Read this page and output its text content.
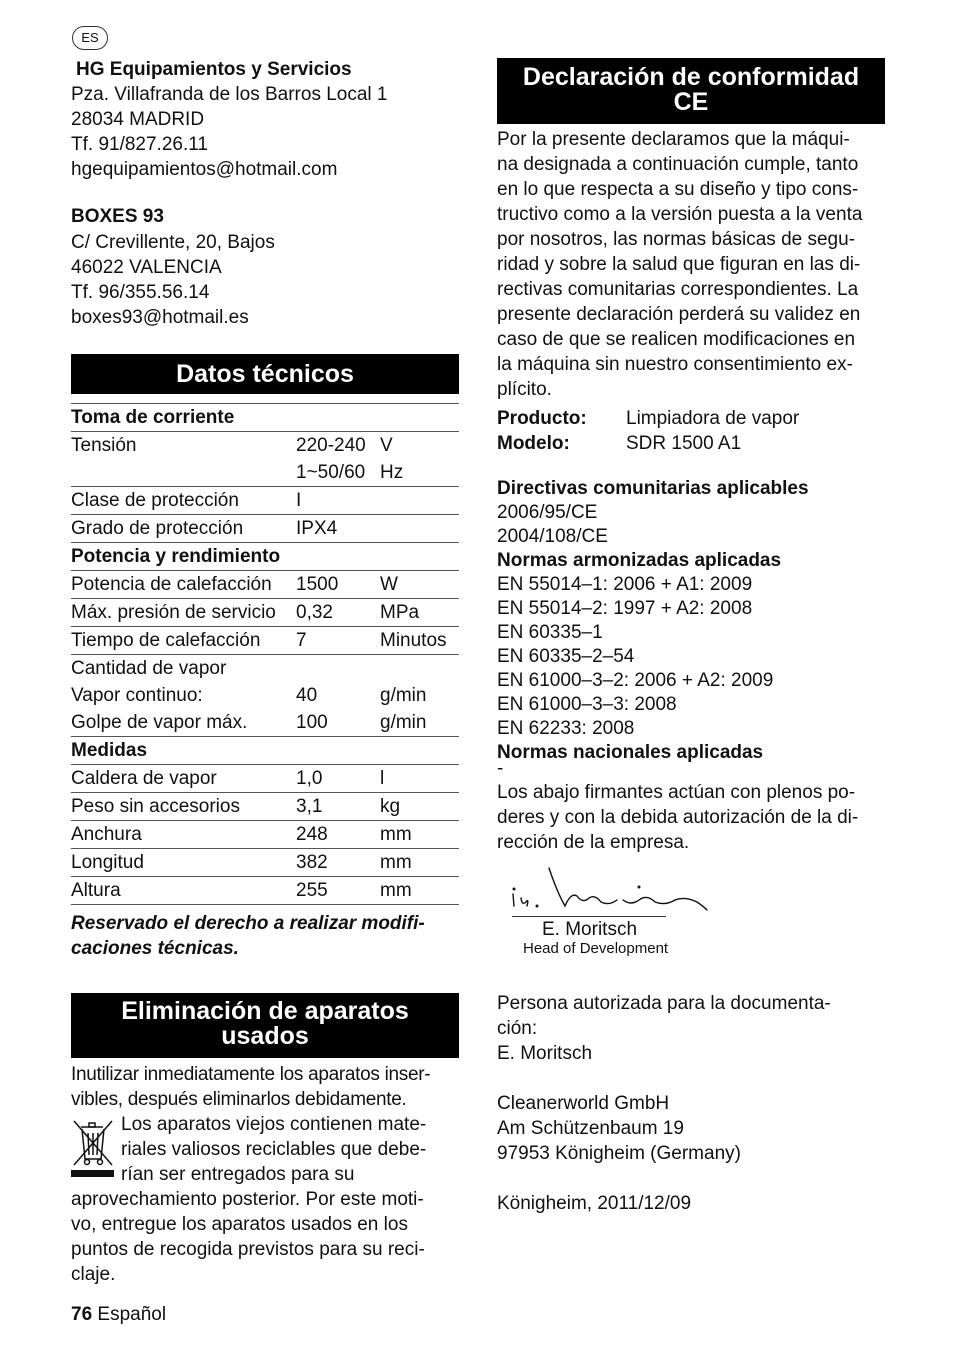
ES
HG Equipamientos y Servicios
Pza. Villafranda de los Barros Local 1
28034 MADRID
Tf. 91/827.26.11
hgequipamientos@hotmail.com
BOXES 93
C/ Crevillente, 20, Bajos
46022 VALENCIA
Tf. 96/355.56.14
boxes93@hotmail.es
Datos técnicos
Toma de corriente		
Tensión	220-240	V
	1~50/60	Hz
Clase de protección	I	
Grado de protección	IPX4	
Potencia y rendimiento		
Potencia de calefacción	1500	W
Máx. presión de servicio	0,32	MPa
Tiempo de calefacción	7	Minutos
Cantidad de vapor		
Vapor continuo:	40	g/min
Golpe de vapor máx.	100	g/min
Medidas		
Caldera de vapor	1,0	l
Peso sin accesorios	3,1	kg
Anchura	248	mm
Longitud	382	mm
Altura	255	mm
Reservado el derecho a realizar modifi-
caciones técnicas.
Eliminación de aparatos
usados
Inutilizar inmediatamente los aparatos inser-
vibles, después eliminarlos debidamente.
Los aparatos viejos contienen mate-
riales valiosos reciclables que debe-
rían ser entregados para su
aprovechamiento posterior. Por este moti-
vo, entregue los aparatos usados en los
puntos de recogida previstos para su reci-
claje.
76 Español
Declaración de conformidad
CE
Por la presente declaramos que la máqui-
na designada a continuación cumple, tanto
en lo que respecta a su diseño y tipo cons-
tructivo como a la versión puesta a la venta
por nosotros, las normas básicas de segu-
ridad y sobre la salud que figuran en las di-
rectivas comunitarias correspondientes. La
presente declaración perderá su validez en
caso de que se realicen modificaciones en
la máquina sin nuestro consentimiento ex-
plícito.
Producto: Limpiadora de vapor
Modelo:	SDR 1500 A1
Directivas comunitarias aplicables
2006/95/CE
2004/108/CE
Normas armonizadas aplicadas
EN 55014–1: 2006 + A1: 2009
EN 55014–2: 1997 + A2: 2008
EN 60335–1
EN 60335–2–54
EN 61000–3–2: 2006 + A2: 2009
EN 61000–3–3: 2008
EN 62233: 2008
Normas nacionales aplicadas
-
Los abajo firmantes actúan con plenos po-
deres y con la debida autorización de la di-
rección de la empresa.
E. Moritsch
Head of Development
Persona autorizada para la documenta-
ción:
E. Moritsch
Cleanerworld GmbH
Am Schützenbaum 19
97953 Königheim (Germany)
Königheim, 2011/12/09
